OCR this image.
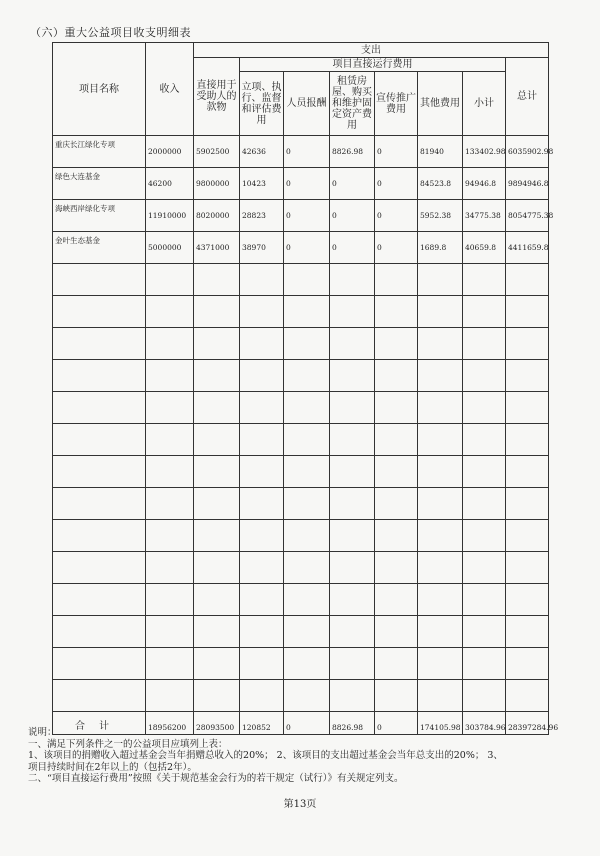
（六）重大公益项目收支明细表
项目名称	收入	支出							
		直接用于受助人的款物	项目直接运行费用						总计
			立项、执行、监督和评估费用	人员报酬	租赁房屋、购买和维护固定资产费用	宣传推广费用	其他费用	小计	

重庆长江绿化专项	2000000	5902500	42636	0	8826.98	0	81940	133402.98	6035902.98

绿色大连基金	46200	9800000	10423	0	0	0	84523.8	94946.8	9894946.8

海峡西岸绿化专项	11910000	8020000	28823	0	0	0	5952.38	34775.38	8054775.38

金叶生态基金	5000000	4371000	38970	0	0	0	1689.8	40659.8	4411659.8

合计	18956200	28093500	120852	0	8826.98	0	174105.98	303784.96	28397284.96
说明：
一、满足下列条件之一的公益项目应填列上表：
1、该项目的捐赠收入超过基金会当年捐赠总收入的20%； 2、该项目的支出超过基金会当年总支出的20%； 3、
项目持续时间在2年以上的（包括2年）。
二、“项目直接运行费用”按照《关于规范基金会行为的若干规定（试行）》有关规定列支。
第13页
